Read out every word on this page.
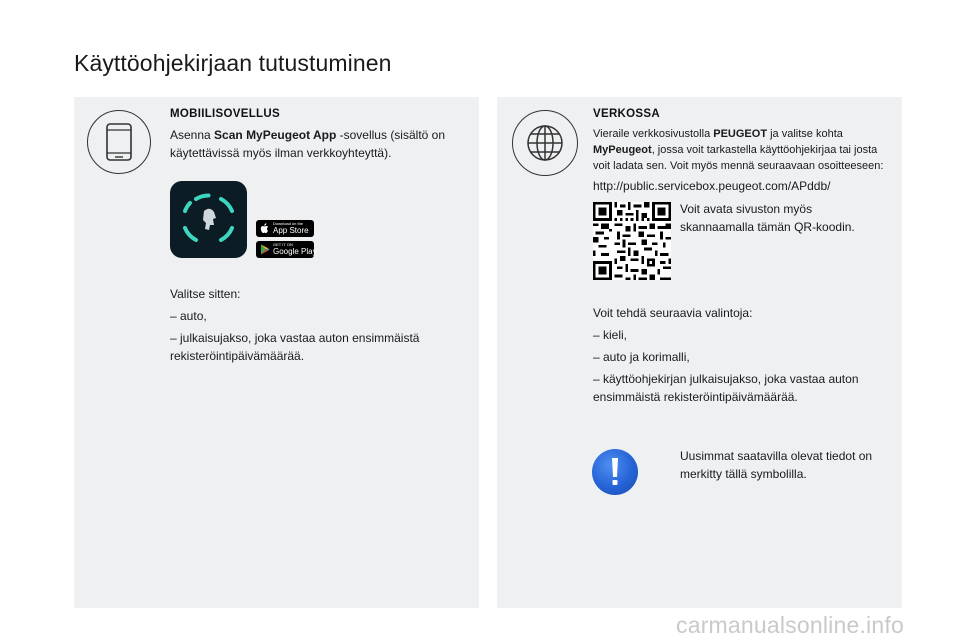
Käyttöohjekirjaan tutustuminen
MOBIILISOVELLUS
Asenna Scan MyPeugeot App -sovellus (sisältö on
käytettävissä myös ilman verkkoyhteyttä).
Download on the
App Store
GET IT ON
Google Play
Valitse sitten:
– auto,
– julkaisujakso, joka vastaa auton ensimmäistä
rekisteröintipäivämäärää.
VERKOSSA
Vieraile verkkosivustolla PEUGEOT ja valitse kohta
MyPeugeot, jossa voit tarkastella käyttöohjekirjaa tai josta
voit ladata sen. Voit myös mennä seuraavaan osoitteeseen:
http://public.servicebox.peugeot.com/APddb/
Voit avata sivuston myös
skannaamalla tämän QR-koodin.
Voit tehdä seuraavia valintoja:
– kieli,
– auto ja korimalli,
– käyttöohjekirjan julkaisujakso, joka vastaa auton
ensimmäistä rekisteröintipäivämäärää.
Uusimmat saatavilla olevat tiedot on
merkitty tällä symbolilla.
carmanualsonline.info
